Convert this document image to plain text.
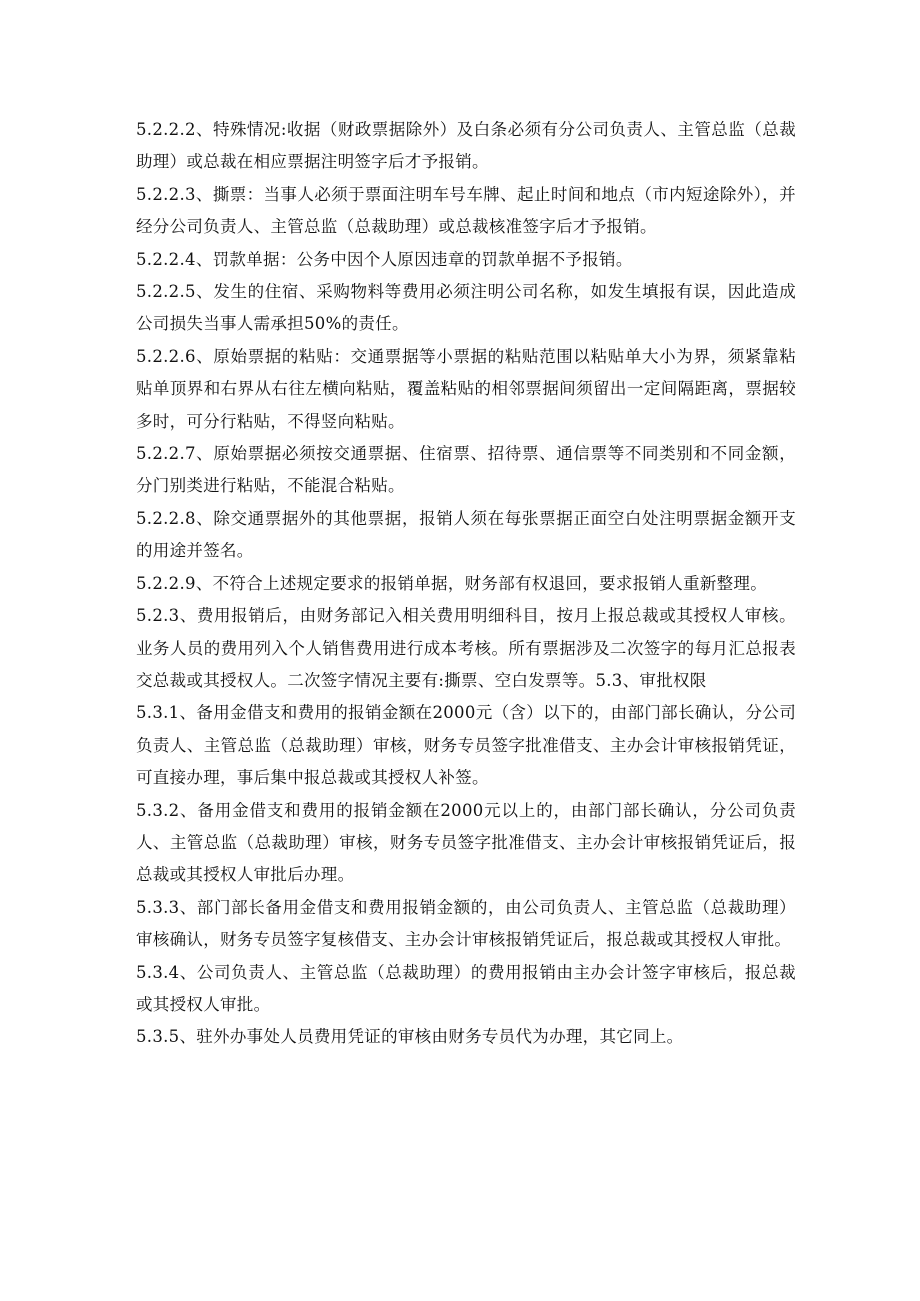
5.2.2.2、特殊情况:收据（财政票据除外）及白条必须有分公司负责人、主管总监（总裁助理）或总裁在相应票据注明签字后才予报销。

5.2.2.3、撕票：当事人必须于票面注明车号车牌、起止时间和地点（市内短途除外），并经分公司负责人、主管总监（总裁助理）或总裁核准签字后才予报销。

5.2.2.4、罚款单据：公务中因个人原因违章的罚款单据不予报销。

5.2.2.5、发生的住宿、采购物料等费用必须注明公司名称，如发生填报有误，因此造成公司损失当事人需承担50%的责任。

5.2.2.6、原始票据的粘贴：交通票据等小票据的粘贴范围以粘贴单大小为界，须紧靠粘贴单顶界和右界从右往左横向粘贴，覆盖粘贴的相邻票据间须留出一定间隔距离，票据较多时，可分行粘贴，不得竖向粘贴。

5.2.2.7、原始票据必须按交通票据、住宿票、招待票、通信票等不同类别和不同金额，分门别类进行粘贴，不能混合粘贴。

5.2.2.8、除交通票据外的其他票据，报销人须在每张票据正面空白处注明票据金额开支的用途并签名。

5.2.2.9、不符合上述规定要求的报销单据，财务部有权退回，要求报销人重新整理。

5.2.3、费用报销后，由财务部记入相关费用明细科目，按月上报总裁或其授权人审核。业务人员的费用列入个人销售费用进行成本考核。所有票据涉及二次签字的每月汇总报表交总裁或其授权人。二次签字情况主要有:撕票、空白发票等。5.3、审批权限

5.3.1、备用金借支和费用的报销金额在2000元（含）以下的，由部门部长确认，分公司负责人、主管总监（总裁助理）审核，财务专员签字批准借支、主办会计审核报销凭证，可直接办理，事后集中报总裁或其授权人补签。

5.3.2、备用金借支和费用的报销金额在2000元以上的，由部门部长确认，分公司负责人、主管总监（总裁助理）审核，财务专员签字批准借支、主办会计审核报销凭证后，报总裁或其授权人审批后办理。

5.3.3、部门部长备用金借支和费用报销金额的，由公司负责人、主管总监（总裁助理）审核确认，财务专员签字复核借支、主办会计审核报销凭证后，报总裁或其授权人审批。

5.3.4、公司负责人、主管总监（总裁助理）的费用报销由主办会计签字审核后，报总裁或其授权人审批。

5.3.5、驻外办事处人员费用凭证的审核由财务专员代为办理，其它同上。
